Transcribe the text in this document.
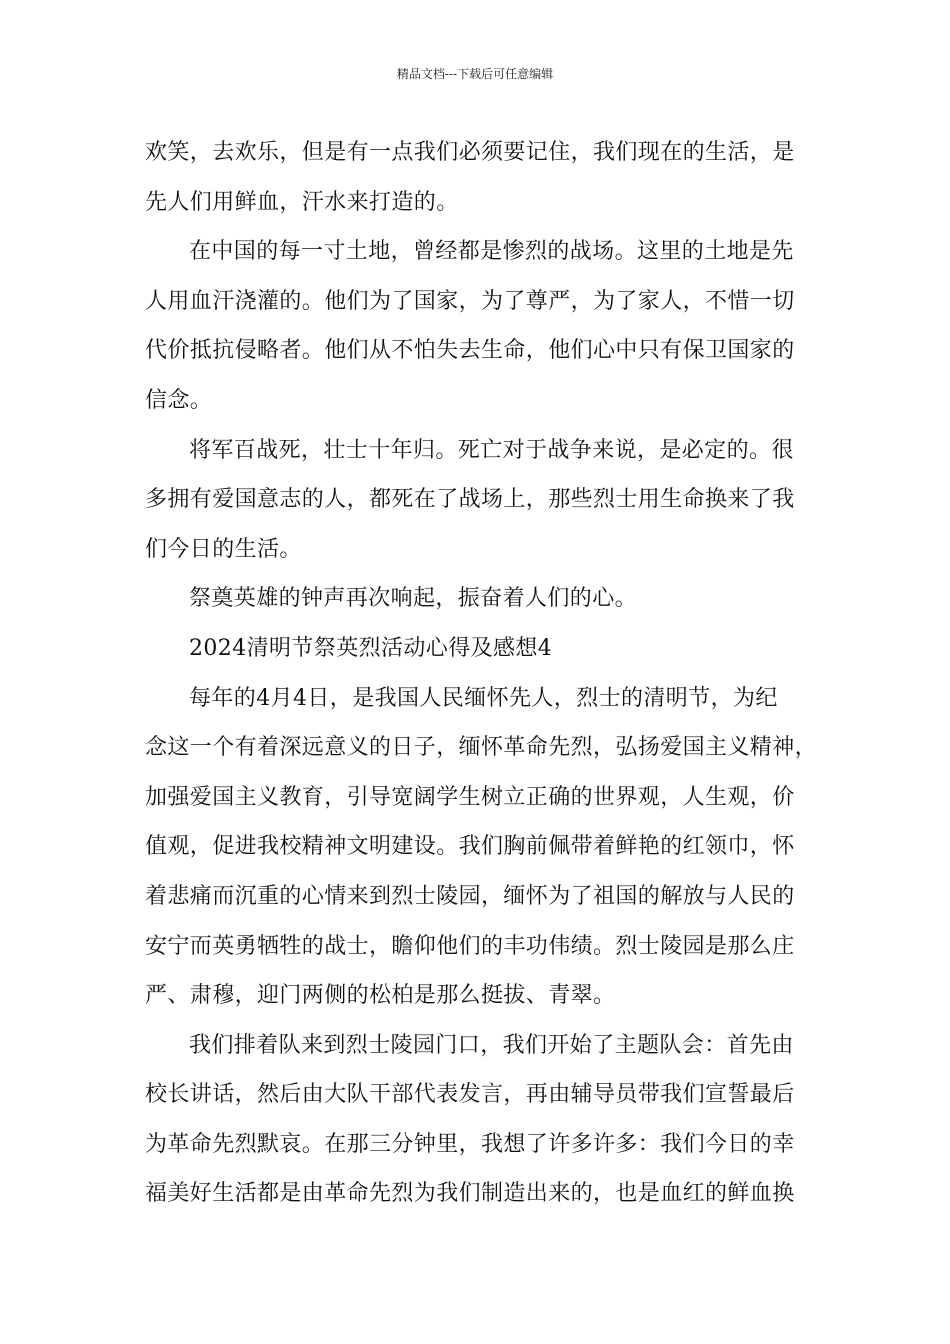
精品文档---下载后可任意编辑

欢笑，去欢乐，但是有一点我们必须要记住，我们现在的生活，是
先人们用鲜血，汗水来打造的。

在中国的每一寸土地，曾经都是惨烈的战场。这里的土地是先
人用血汗浇灌的。他们为了国家，为了尊严，为了家人，不惜一切
代价抵抗侵略者。他们从不怕失去生命，他们心中只有保卫国家的
信念。

将军百战死，壮士十年归。死亡对于战争来说，是必定的。很
多拥有爱国意志的人，都死在了战场上，那些烈士用生命换来了我
们今日的生活。

祭奠英雄的钟声再次响起，振奋着人们的心。

2024清明节祭英烈活动心得及感想4

每年的4月4日，是我国人民缅怀先人，烈士的清明节，为纪
念这一个有着深远意义的日子，缅怀革命先烈，弘扬爱国主义精神，
加强爱国主义教育，引导宽阔学生树立正确的世界观，人生观，价
值观，促进我校精神文明建设。我们胸前佩带着鲜艳的红领巾，怀
着悲痛而沉重的心情来到烈士陵园，缅怀为了祖国的解放与人民的
安宁而英勇牺牲的战士，瞻仰他们的丰功伟绩。烈士陵园是那么庄
严、肃穆，迎门两侧的松柏是那么挺拔、青翠。

我们排着队来到烈士陵园门口，我们开始了主题队会：首先由
校长讲话，然后由大队干部代表发言，再由辅导员带我们宣誓最后
为革命先烈默哀。在那三分钟里，我想了许多许多：我们今日的幸
福美好生活都是由革命先烈为我们制造出来的，也是血红的鲜血换
